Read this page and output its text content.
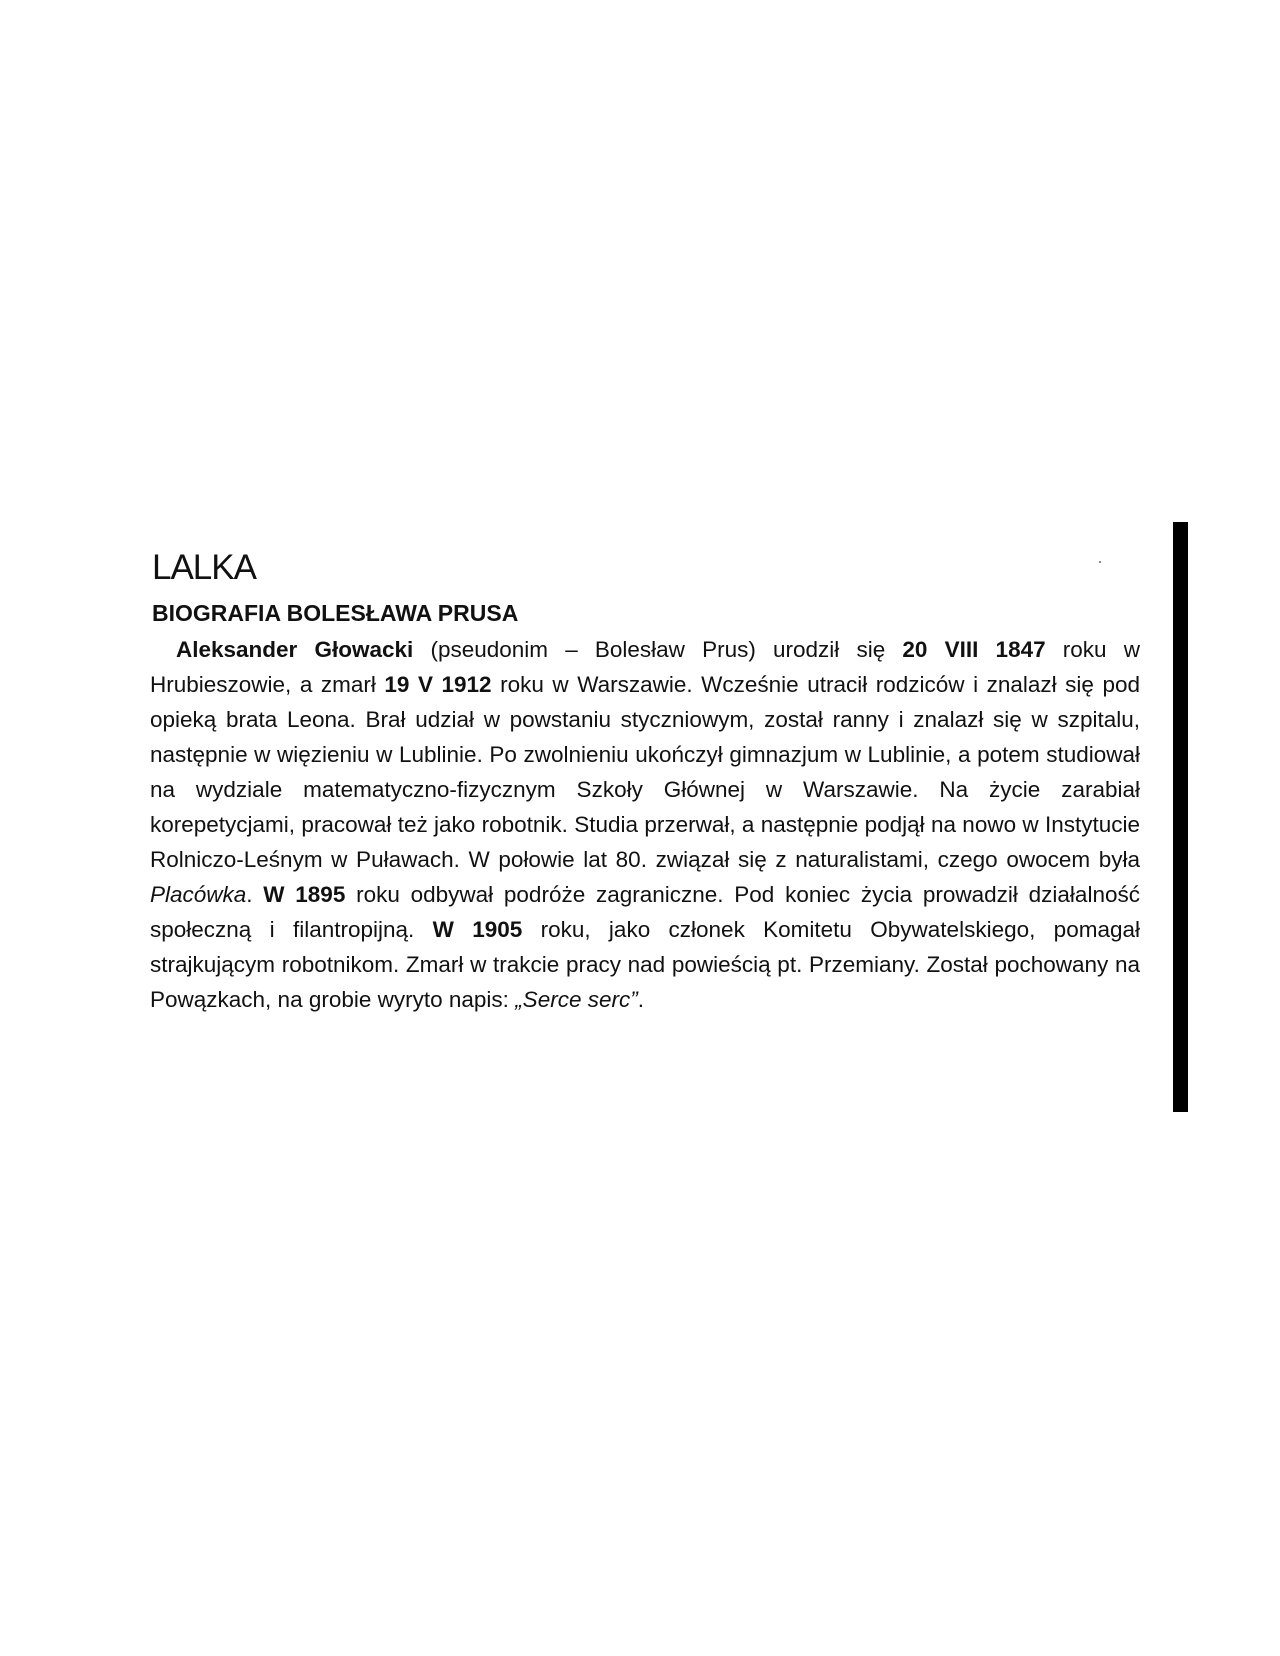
LALKA
BIOGRAFIA BOLESŁAWA PRUSA

Aleksander Głowacki (pseudonim – Bolesław Prus) urodził się 20 VIII 1847 roku w Hrubieszowie, a zmarł 19 V 1912 roku w Warszawie. Wcześnie utracił rodziców i znalazł się pod opieką brata Leona. Brał udział w powstaniu styczniowym, został ranny i znalazł się w szpitalu, następnie w więzieniu w Lublinie. Po zwolnieniu ukończył gimnazjum w Lublinie, a potem studiował na wydziale matematyczno-fizycznym Szkoły Głównej w Warszawie. Na życie zarabiał korepetycjami, pracował też jako robotnik. Studia przerwał, a następnie podjął na nowo w Instytucie Rolniczo-Leśnym w Puławach. W połowie lat 80. związał się z naturalistami, czego owocem była Placówka. W 1895 roku odbywał podróże zagraniczne. Pod koniec życia prowadził działalność społeczną i filantropijną. W 1905 roku, jako członek Komitetu Obywatelskiego, pomagał strajkującym robotnikom. Zmarł w trakcie pracy nad powieścią pt. Przemiany. Został pochowany na Powązkach, na grobie wyryto napis: „Serce serc”.
